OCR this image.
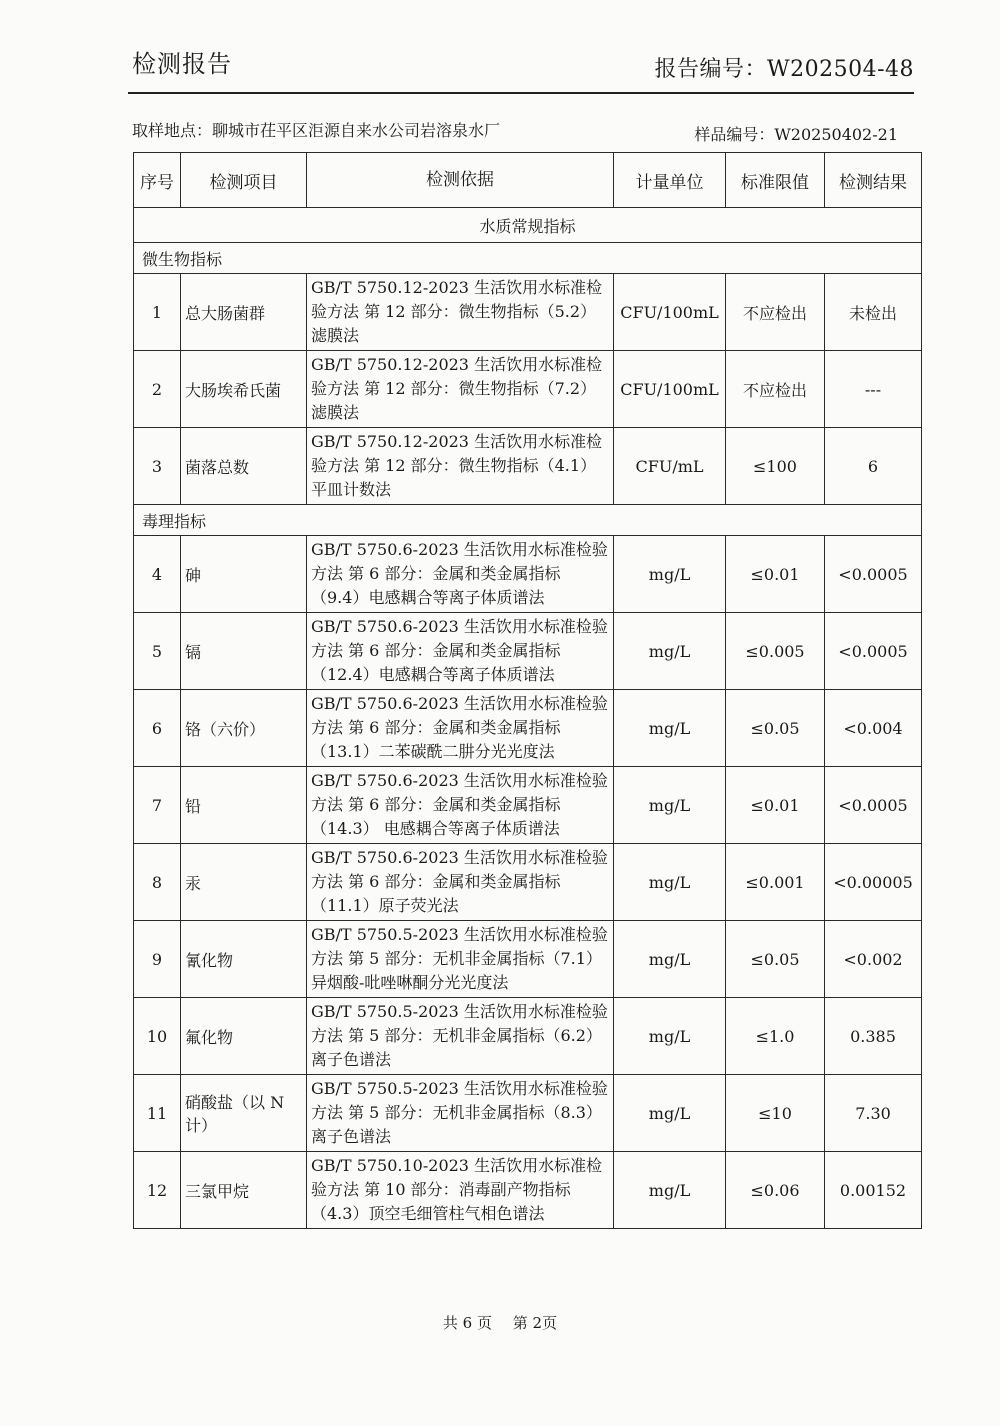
检测报告	报告编号：W202504-48
取样地点：聊城市茌平区洰源自来水公司岩溶泉水厂	样品编号：W20250402-21
序号	检测项目	检测依据	计量单位	标准限值	检测结果
水质常规指标					
微生物指标					
1	总大肠菌群	GB/T 5750.12-2023 生活饮用水标准检验方法 第 12 部分：微生物指标（5.2）滤膜法	CFU/100mL	不应检出	未检出
2	大肠埃希氏菌	GB/T 5750.12-2023 生活饮用水标准检验方法 第 12 部分：微生物指标（7.2）滤膜法	CFU/100mL	不应检出	---
3	菌落总数	GB/T 5750.12-2023 生活饮用水标准检验方法 第 12 部分：微生物指标（4.1）平皿计数法	CFU/mL	≤100	6
毒理指标					
4	砷	GB/T 5750.6-2023 生活饮用水标准检验方法 第 6 部分：金属和类金属指标（9.4）电感耦合等离子体质谱法	mg/L	≤0.01	<0.0005
5	镉	GB/T 5750.6-2023 生活饮用水标准检验方法 第 6 部分：金属和类金属指标（12.4）电感耦合等离子体质谱法	mg/L	≤0.005	<0.0005
6	铬（六价）	GB/T 5750.6-2023 生活饮用水标准检验方法 第 6 部分：金属和类金属指标（13.1）二苯碳酰二肼分光光度法	mg/L	≤0.05	<0.004
7	铅	GB/T 5750.6-2023 生活饮用水标准检验方法 第 6 部分：金属和类金属指标（14.3） 电感耦合等离子体质谱法	mg/L	≤0.01	<0.0005
8	汞	GB/T 5750.6-2023 生活饮用水标准检验方法 第 6 部分：金属和类金属指标（11.1）原子荧光法	mg/L	≤0.001	<0.00005
9	氰化物	GB/T 5750.5-2023 生活饮用水标准检验方法 第 5 部分：无机非金属指标（7.1）异烟酸-吡唑啉酮分光光度法	mg/L	≤0.05	<0.002
10	氟化物	GB/T 5750.5-2023 生活饮用水标准检验方法 第 5 部分：无机非金属指标（6.2）离子色谱法	mg/L	≤1.0	0.385
11	硝酸盐（以 N 计）	GB/T 5750.5-2023 生活饮用水标准检验方法 第 5 部分：无机非金属指标（8.3）离子色谱法	mg/L	≤10	7.30
12	三氯甲烷	GB/T 5750.10-2023 生活饮用水标准检验方法 第 10 部分：消毒副产物指标（4.3）顶空毛细管柱气相色谱法	mg/L	≤0.06	0.00152
共 6 页 第 2页
